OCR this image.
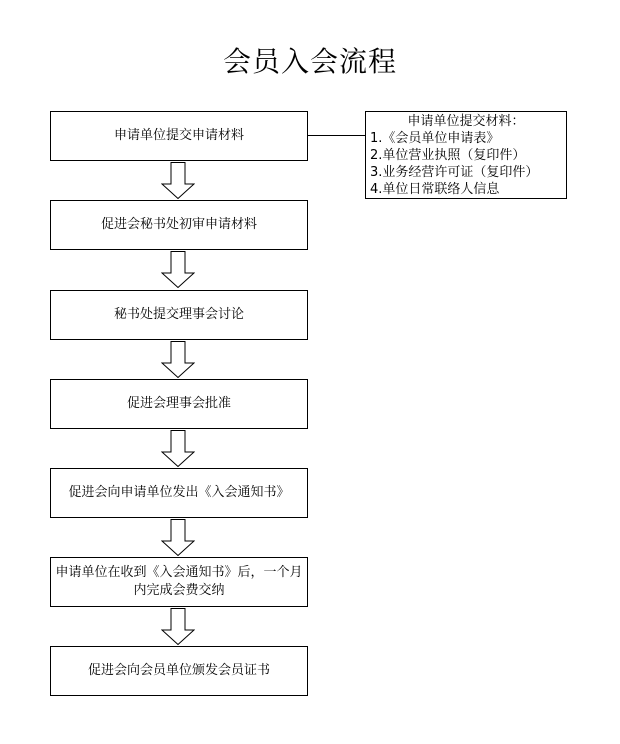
会员入会流程
申请单位提交申请材料
申请单位提交材料：
1.《会员单位申请表》
2.单位营业执照（复印件）
3.业务经营许可证（复印件）
4.单位日常联络人信息
促进会秘书处初审申请材料
秘书处提交理事会讨论
促进会理事会批准
促进会向申请单位发出《入会通知书》
申请单位在收到《入会通知书》后，一个月内完成会费交纳
促进会向会员单位颁发会员证书
